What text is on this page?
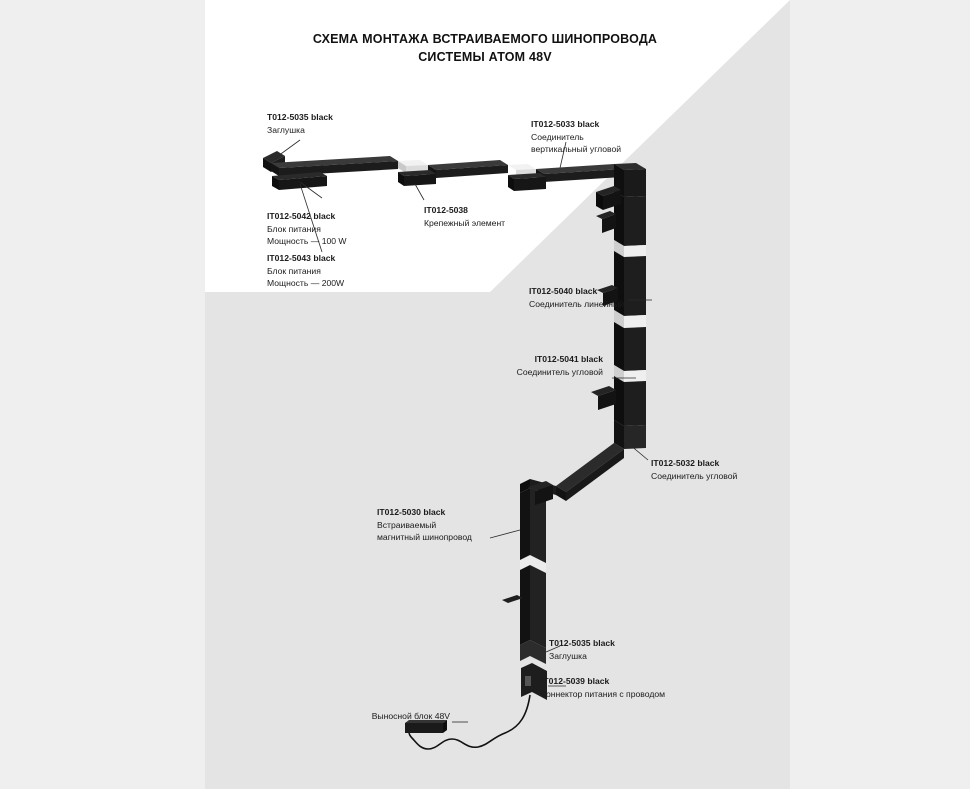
СХЕМА МОНТАЖА ВСТРАИВАЕМОГО ШИНОПРОВОДА
СИСТЕМЫ АТОМ 48V
T012-5035 black
Заглушка
IT012-5042 black
Блок питания
Мощность — 100 W
IT012-5043 black
Блок питания
Мощность — 200W
IT012-5038
Крепежный элемент
IT012-5033 black
Соединитель
вертикальный угловой
IT012-5040 black
Соединитель линейный
IT012-5041 black
Соединитель угловой
IT012-5032 black
Соединитель угловой
IT012-5030 black
Встраиваемый
магнитный шинопровод
T012-5035 black
Заглушка
IT012-5039 black
Коннектор питания с проводом
Выносной блок 48V
